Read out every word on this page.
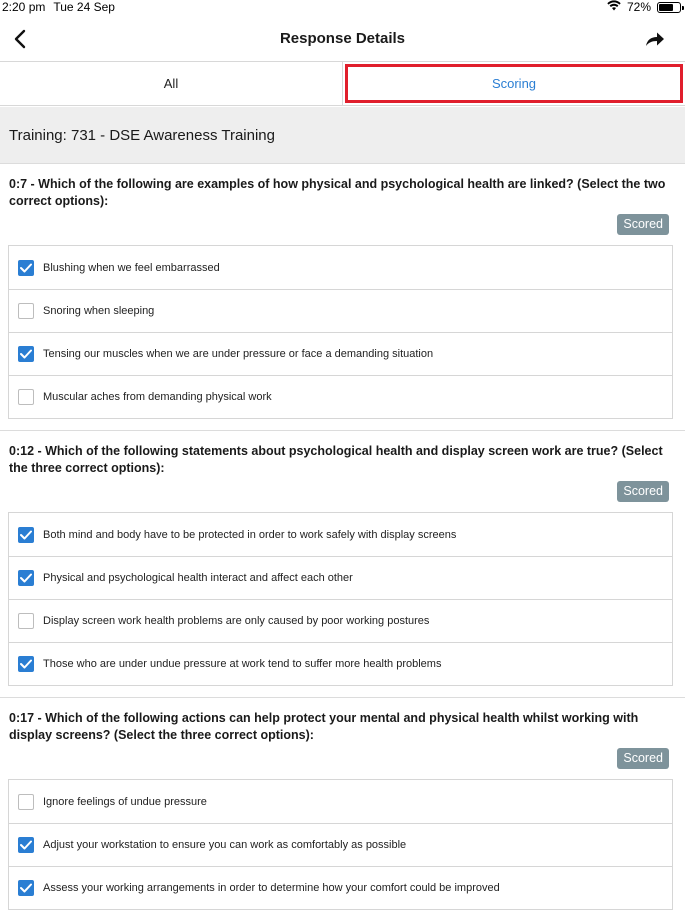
2:20 pm Tue 24 Sep	72%
Response Details
All	Scoring
Training: 731 - DSE Awareness Training
0:7 - Which of the following are examples of how physical and psychological health are linked? (Select the two correct options):
Scored
Blushing when we feel embarrassed
Snoring when sleeping
Tensing our muscles when we are under pressure or face a demanding situation
Muscular aches from demanding physical work
0:12 - Which of the following statements about psychological health and display screen work are true? (Select the three correct options):
Scored
Both mind and body have to be protected in order to work safely with display screens
Physical and psychological health interact and affect each other
Display screen work health problems are only caused by poor working postures
Those who are under undue pressure at work tend to suffer more health problems
0:17 - Which of the following actions can help protect your mental and physical health whilst working with display screens? (Select the three correct options):
Scored
Ignore feelings of undue pressure
Adjust your workstation to ensure you can work as comfortably as possible
Assess your working arrangements in order to determine how your comfort could be improved
